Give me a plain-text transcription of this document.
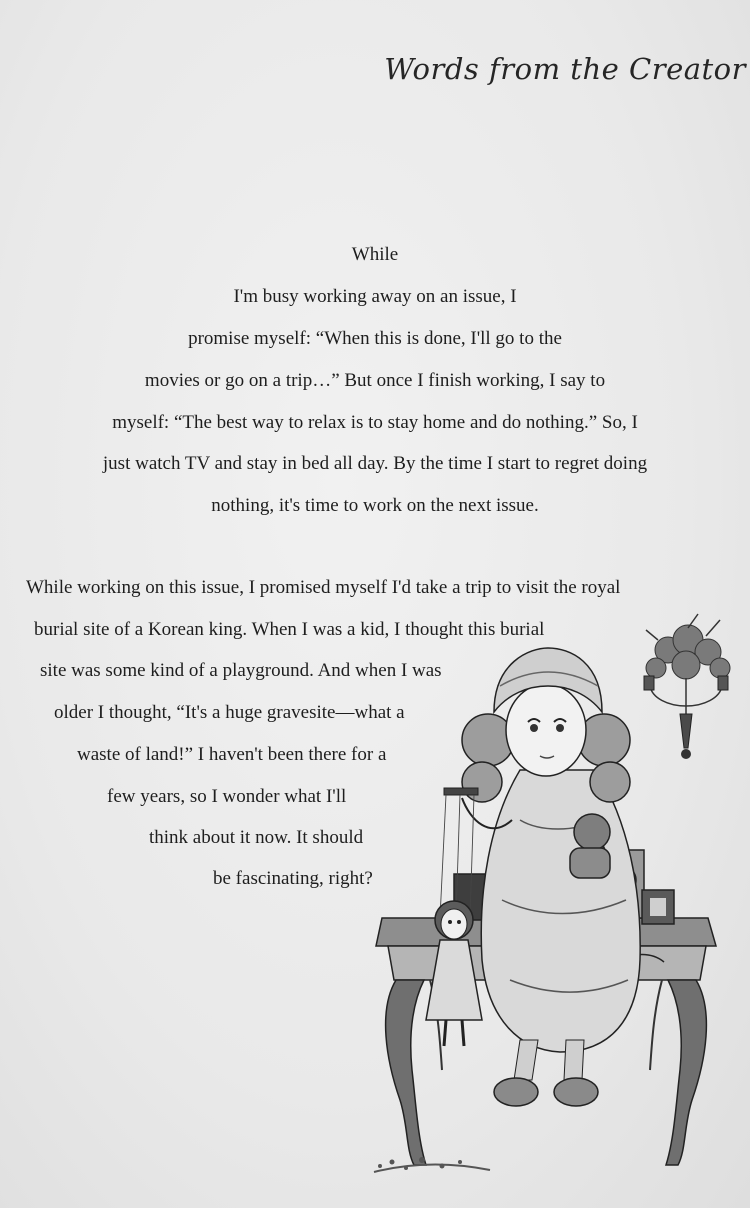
Words from the Creator
While
I'm busy working away on an issue, I
promise myself: “When this is done, I'll go to the
movies or go on a trip…” But once I finish working, I say to
myself: “The best way to relax is to stay home and do nothing.” So, I
just watch TV and stay in bed all day. By the time I start to regret doing
nothing, it's time to work on the next issue.
While working on this issue, I promised myself I'd take a trip to visit the royal
burial site of a Korean king. When I was a kid, I thought this burial
site was some kind of a playground. And when I was
older I thought, “It's a huge gravesite—what a
waste of land!” I haven't been there for a
few years, so I wonder what I'll
think about it now. It should
be fascinating, right?
